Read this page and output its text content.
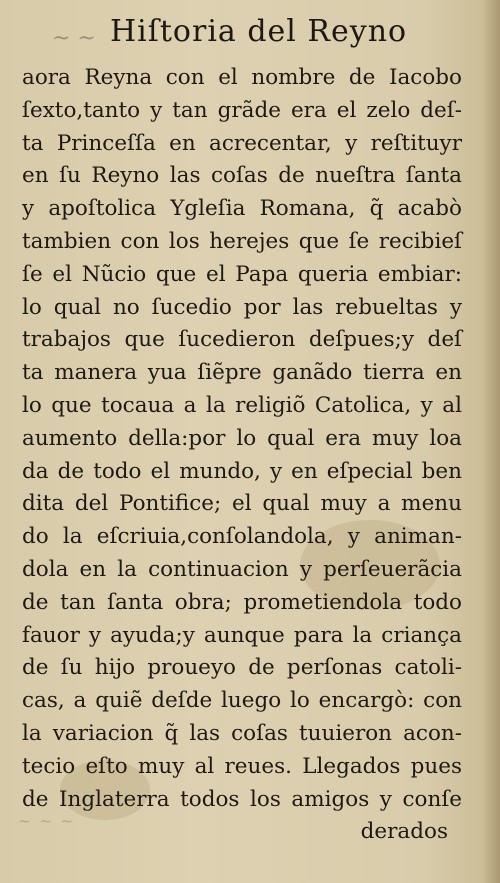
~ ~ Hiſtoria del Reyno
aora Reyna con el nombre de Iacobo
ſexto,tanto y tan grãde era el zelo deſ-
ta Princeſſa en acrecentar, y reſtituyr
en ſu Reyno las coſas de nueſtra ſanta
y apoſtolica Ygleſia Romana, q̃ acabò
tambien con los herejes que ſe recibieſ
ſe el Nũcio que el Papa queria embiar:
lo qual no ſucedio por las rebueltas y
trabajos que ſucedieron deſpues;y deſ
ta manera yua ſiẽpre ganãdo tierra en
lo que tocaua a la religiõ Catolica, y al
aumento della:por lo qual era muy loa
da de todo el mundo, y en eſpecial ben
dita del Pontifice; el qual muy a menu
do la eſcriuia,conſolandola, y animan-
dola en la continuacion y perſeuerãcia
de tan ſanta obra; prometiendola todo
fauor y ayuda;y aunque para la criança
de ſu hijo proueyo de perſonas catoli-
cas, a quiẽ deſde luego lo encargò: con
la variacion q̃ las coſas tuuieron acon-
tecio eſto muy al reues. Llegados pues
de Inglaterra todos los amigos y conſe
derados
~ ~ ~
